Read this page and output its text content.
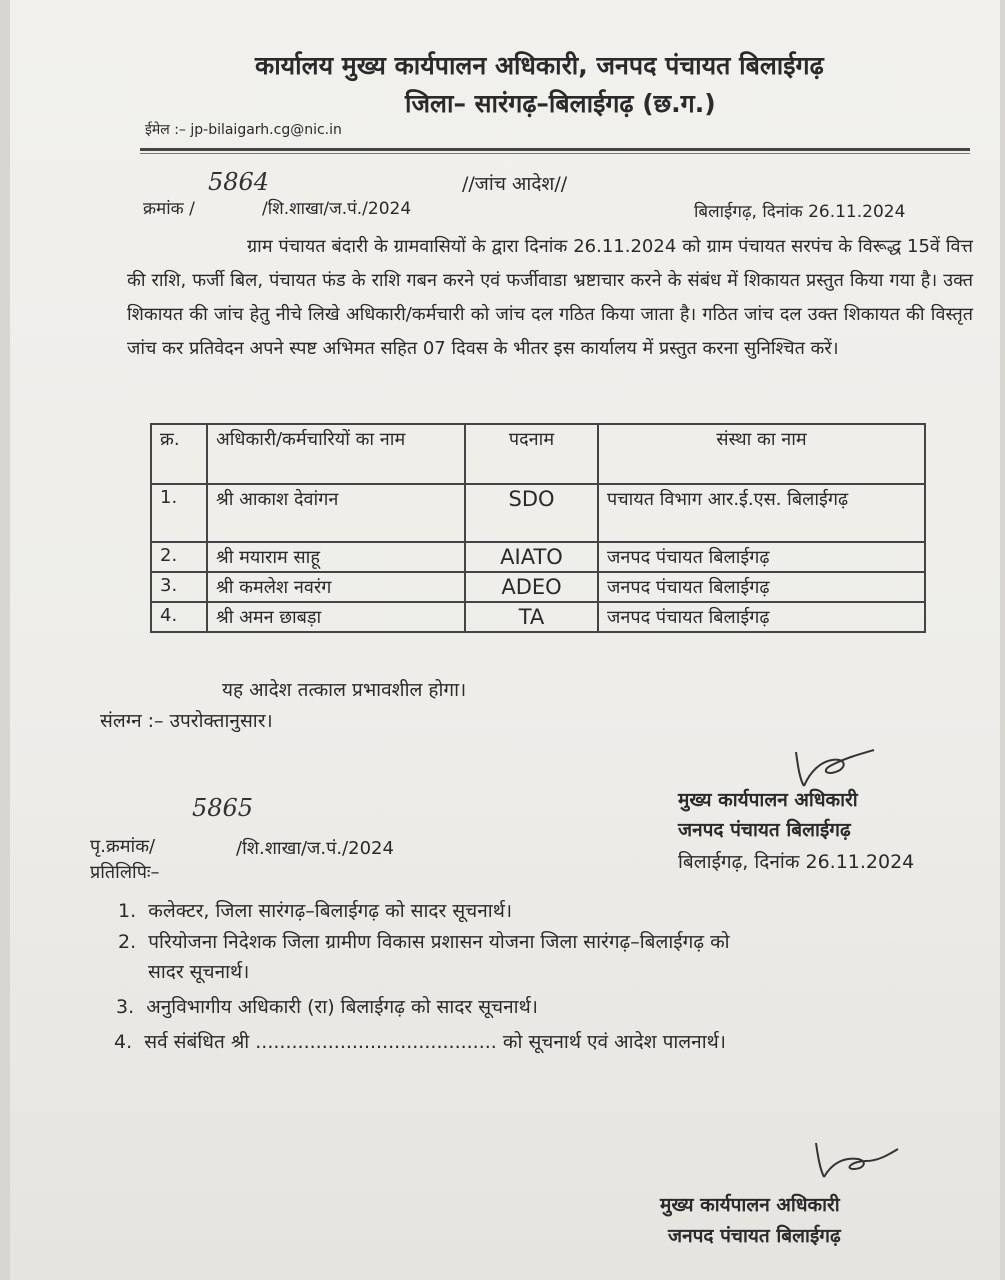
कार्यालय मुख्य कार्यपालन अधिकारी, जनपद पंचायत बिलाईगढ़
जिला– सारंगढ़–बिलाईगढ़ (छ.ग.)
ईमेल :– jp-bilaigarh.cg@nic.in
5864	//जांच आदेश//
क्रमांक /	/शि.शाखा/ज.पं./2024	बिलाईगढ़, दिनांक 26.11.2024
ग्राम पंचायत बंदारी के ग्रामवासियों के द्वारा दिनांक 26.11.2024 को ग्राम पंचायत सरपंच के विरूद्ध 15वें वित्त की राशि, फर्जी बिल, पंचायत फंड के राशि गबन करने एवं फर्जीवाडा भ्रष्टाचार करने के संबंध में शिकायत प्रस्तुत किया गया है। उक्त शिकायत की जांच हेतु नीचे लिखे अधिकारी/कर्मचारी को जांच दल गठित किया जाता है। गठित जांच दल उक्त शिकायत की विस्तृत जांच कर प्रतिवेदन अपने स्पष्ट अभिमत सहित 07 दिवस के भीतर इस कार्यालय में प्रस्तुत करना सुनिश्चित करें।
क्र.	अधिकारी/कर्मचारियों का नाम	पदनाम	संस्था का नाम
1.	श्री आकाश देवांगन	SDO	पचायत विभाग आर.ई.एस. बिलाईगढ़
2.	श्री मयाराम साहू	AIATO	जनपद पंचायत बिलाईगढ़
3.	श्री कमलेश नवरंग	ADEO	जनपद पंचायत बिलाईगढ़
4.	श्री अमन छाबड़ा	TA	जनपद पंचायत बिलाईगढ़
यह आदेश तत्काल प्रभावशील होगा।
संलग्न :– उपरोक्तानुसार।
मुख्य कार्यपालन अधिकारी
जनपद पंचायत बिलाईगढ़
5865
पृ.क्रमांक/	/शि.शाखा/ज.पं./2024
बिलाईगढ़, दिनांक 26.11.2024
प्रतिलिपिः–
1. कलेक्टर, जिला सारंगढ़–बिलाईगढ़ को सादर सूचनार्थ।
2. परियोजना निदेशक जिला ग्रामीण विकास प्रशासन योजना जिला सारंगढ़–बिलाईगढ़ को
सादर सूचनार्थ।
3. अनुविभागीय अधिकारी (रा) बिलाईगढ़ को सादर सूचनार्थ।
4. सर्व संबंधित श्री ........................................ को सूचनार्थ एवं आदेश पालनार्थ।
मुख्य कार्यपालन अधिकारी
जनपद पंचायत बिलाईगढ़
